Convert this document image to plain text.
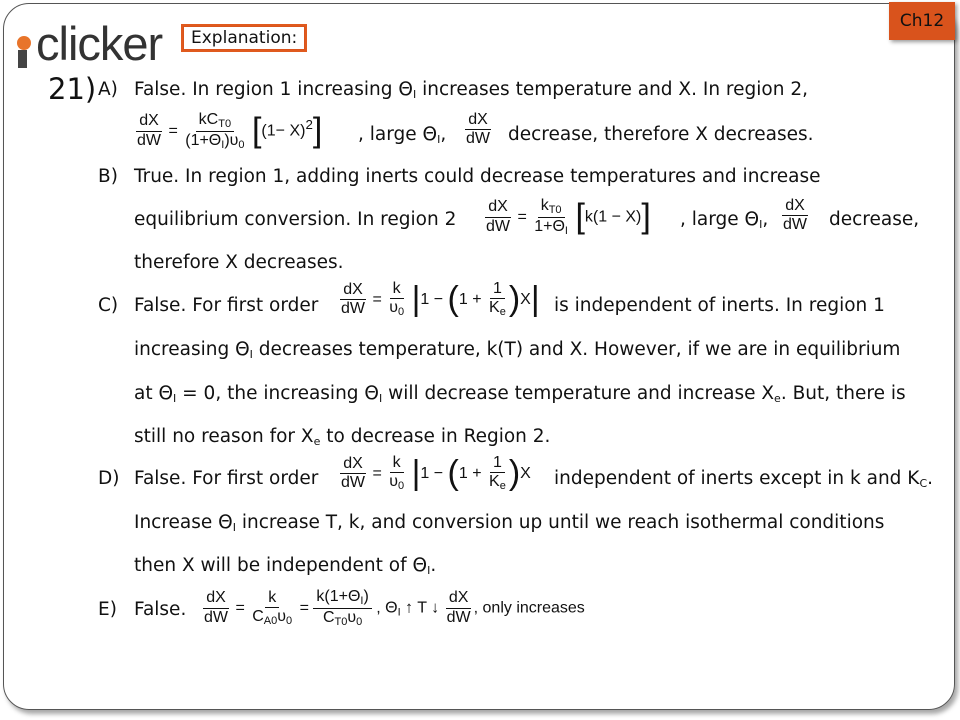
clicker	Explanation:
Ch12
21) A) False. In region 1 increasing $\Theta_I$ increases temperature and X. In region 2,
$\frac{dX}{dW} = \frac{kC_{T0}}{(1+\Theta_I)\upsilon_0} [(1- X)^2]$ , large $\Theta_I$, $\frac{dX}{dW}$ decrease, therefore X decreases.
B) True. In region 1, adding inerts could decrease temperatures and increase
equilibrium conversion. In region $2 \frac{dX}{dW} = \frac{k_{T0}}{1+\Theta_I} [k(1 - X)]$ , large $\Theta_I$, $\frac{dX}{dW}$ decrease,
therefore X decreases.
C) False. For first order $\frac{dX}{dW} = \frac{k}{\upsilon_0} |1 - (1 + \frac{1}{K_e} )X|$ is independent of inerts. In region 1
increasing $\Theta_I$ decreases temperature, k(T) and X. However, if we are in equilibrium
at $\Theta_I = 0$, the increasing $\Theta_I$ will decrease temperature and increase $X_e$. But, there is
still no reason for $X_e$ to decrease in Region 2.
D) False. For first order $\frac{dX}{dW} = \frac{k}{\upsilon_0} |1 - (1 + \frac{1}{K_e} )X$ independent of inerts except in k and $K_C$.
Increase $\Theta_I$ increase T, k, and conversion up until we reach isothermal conditions
then X will be independent of $\Theta_I$.
E) False. $\frac{dX}{dW} = \frac{k}{C_{A0}\upsilon_0} = \frac{k(1+\Theta_I)}{C_{T0}\upsilon_0}$ , $\Theta_I$ ↑ T ↓ $\frac{dX}{dW}$ , only increases
